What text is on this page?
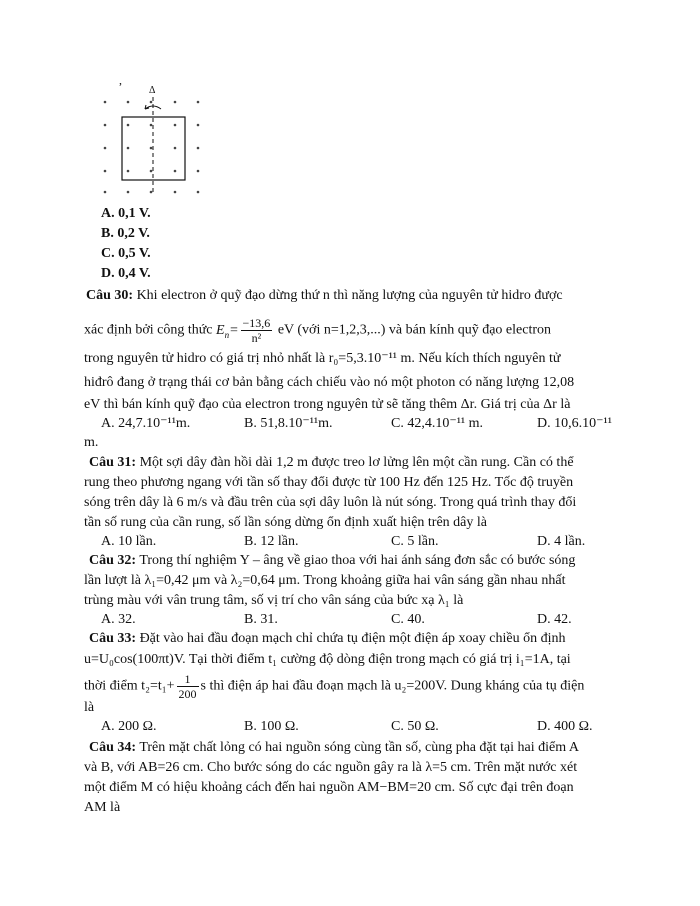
,
Δ
A. 0,1 V.
B. 0,2 V.
C. 0,5 V.
D. 0,4 V.
Câu 30: Khi electron ở quỹ đạo dừng thứ n thì năng lượng của nguyên tử hidro được
xác định bởi công thức $E_n= \frac{-13,6}{\text{n²}}$ eV (với n=1,2,3,...) và bán kính quỹ đạo electron
trong nguyên tử hidro có giá trị nhỏ nhất là r₀=5,3.10⁻¹¹ m. Nếu kích thích nguyên tử
hiđrô đang ở trạng thái cơ bản bằng cách chiếu vào nó một photon có năng lượng 12,08
eV thì bán kính quỹ đạo của electron trong nguyên tử sẽ tăng thêm Δr. Giá trị của Δr là
A. 24,7.10⁻¹¹m.	B. 51,8.10⁻¹¹m.	C. 42,4.10⁻¹¹ m.	D. 10,6.10⁻¹¹
m.
Câu 31: Một sợi dây đàn hồi dài 1,2 m được treo lơ lửng lên một cần rung. Cần có thể
rung theo phương ngang với tần số thay đổi được từ 100 Hz đến 125 Hz. Tốc độ truyền
sóng trên dây là 6 m/s và đầu trên của sợi dây luôn là nút sóng. Trong quá trình thay đổi
tần số rung của cần rung, số lần sóng dừng ổn định xuất hiện trên dây là
A. 10 lần.	B. 12 lần.	C. 5 lần.	D. 4 lần.
Câu 32: Trong thí nghiệm Y – âng về giao thoa với hai ánh sáng đơn sắc có bước sóng
lần lượt là λ₁=0,42 μm và λ₂=0,64 μm. Trong khoảng giữa hai vân sáng gần nhau nhất
trùng màu với vân trung tâm, số vị trí cho vân sáng của bức xạ λ₁ là
A. 32.	B. 31.	C. 40.	D. 42.
Câu 33: Đặt vào hai đầu đoạn mạch chỉ chứa tụ điện một điện áp xoay chiều ổn định
u=U₀cos(100πt)V. Tại thời điểm t₁ cường độ dòng điện trong mạch có giá trị i₁=1A, tại
thời điểm $t_2=t_1+ \frac{1}{200}$ s thì điện áp hai đầu đoạn mạch là u₂=200V. Dung kháng của tụ điện
là
A. 200 Ω.	B. 100 Ω.	C. 50 Ω.	D. 400 Ω.
Câu 34: Trên mặt chất lỏng có hai nguồn sóng cùng tần số, cùng pha đặt tại hai điểm A
và B, với AB=26 cm. Cho bước sóng do các nguồn gây ra là λ=5 cm. Trên mặt nước xét
một điểm M có hiệu khoảng cách đến hai nguồn AM−BM=20 cm. Số cực đại trên đoạn
AM là
